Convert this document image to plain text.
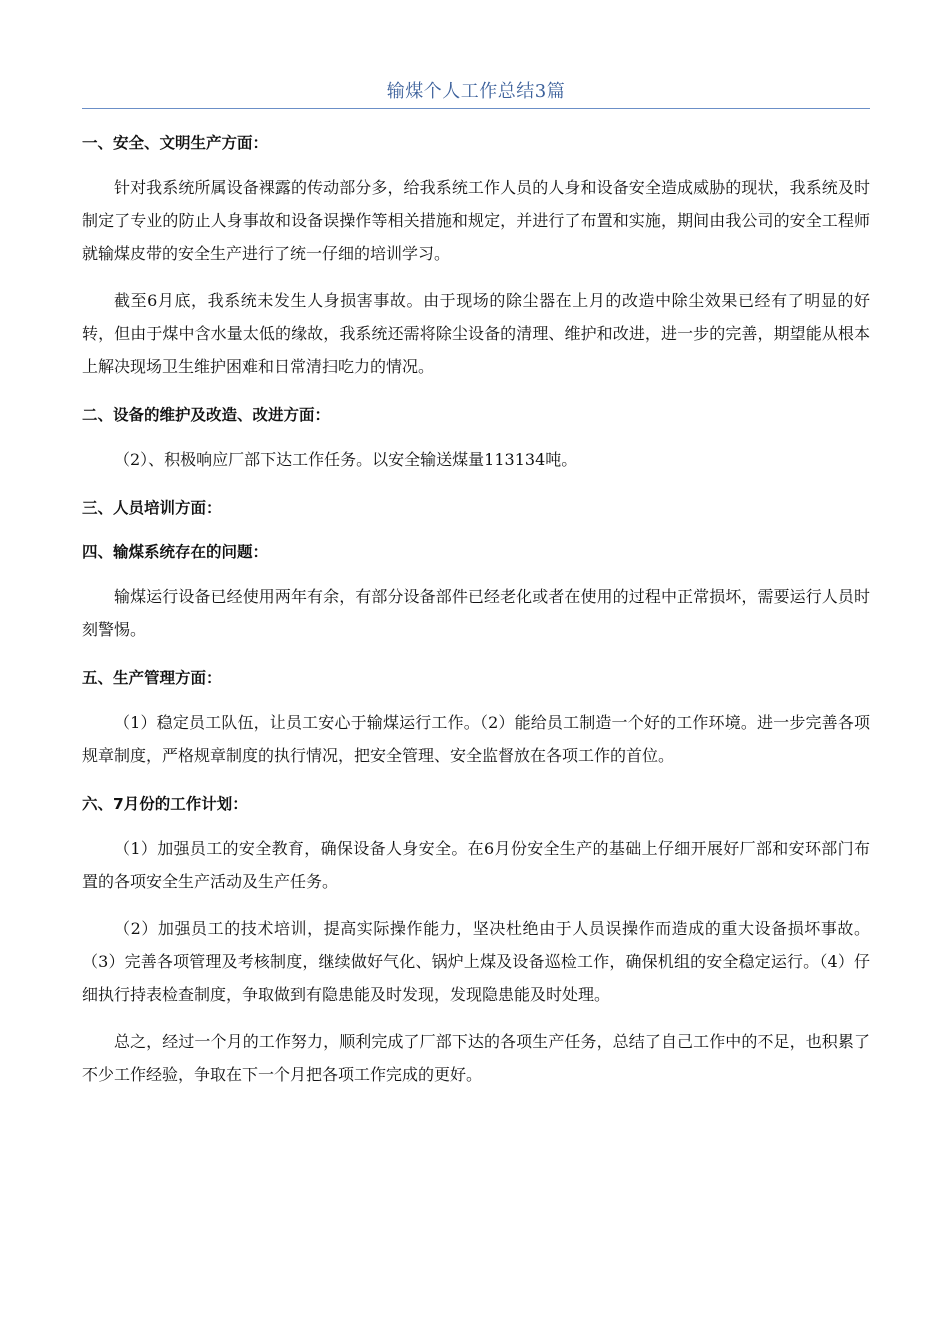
输煤个人工作总结3篇
一、安全、文明生产方面：

针对我系统所属设备裸露的传动部分多，给我系统工作人员的人身和设备安全造成威胁的现状，我系统及时制定了专业的防止人身事故和设备误操作等相关措施和规定，并进行了布置和实施，期间由我公司的安全工程师就输煤皮带的安全生产进行了统一仔细的培训学习。

截至6月底，我系统未发生人身损害事故。由于现场的除尘器在上月的改造中除尘效果已经有了明显的好转，但由于煤中含水量太低的缘故，我系统还需将除尘设备的清理、维护和改进，进一步的完善，期望能从根本上解决现场卫生维护困难和日常清扫吃力的情况。

二、设备的维护及改造、改进方面：

（2）、积极响应厂部下达工作任务。以安全输送煤量113134吨。

三、人员培训方面：
四、输煤系统存在的问题：

输煤运行设备已经使用两年有余，有部分设备部件已经老化或者在使用的过程中正常损坏，需要运行人员时刻警惕。

五、生产管理方面：

（1）稳定员工队伍，让员工安心于输煤运行工作。（2）能给员工制造一个好的工作环境。进一步完善各项规章制度，严格规章制度的执行情况，把安全管理、安全监督放在各项工作的首位。

六、7月份的工作计划：

（1）加强员工的安全教育，确保设备人身安全。在6月份安全生产的基础上仔细开展好厂部和安环部门布置的各项安全生产活动及生产任务。

（2）加强员工的技术培训，提高实际操作能力，坚决杜绝由于人员误操作而造成的重大设备损坏事故。（3）完善各项管理及考核制度，继续做好气化、锅炉上煤及设备巡检工作，确保机组的安全稳定运行。（4）仔细执行持表检查制度，争取做到有隐患能及时发现，发现隐患能及时处理。

总之，经过一个月的工作努力，顺利完成了厂部下达的各项生产任务，总结了自己工作中的不足，也积累了不少工作经验，争取在下一个月把各项工作完成的更好。
